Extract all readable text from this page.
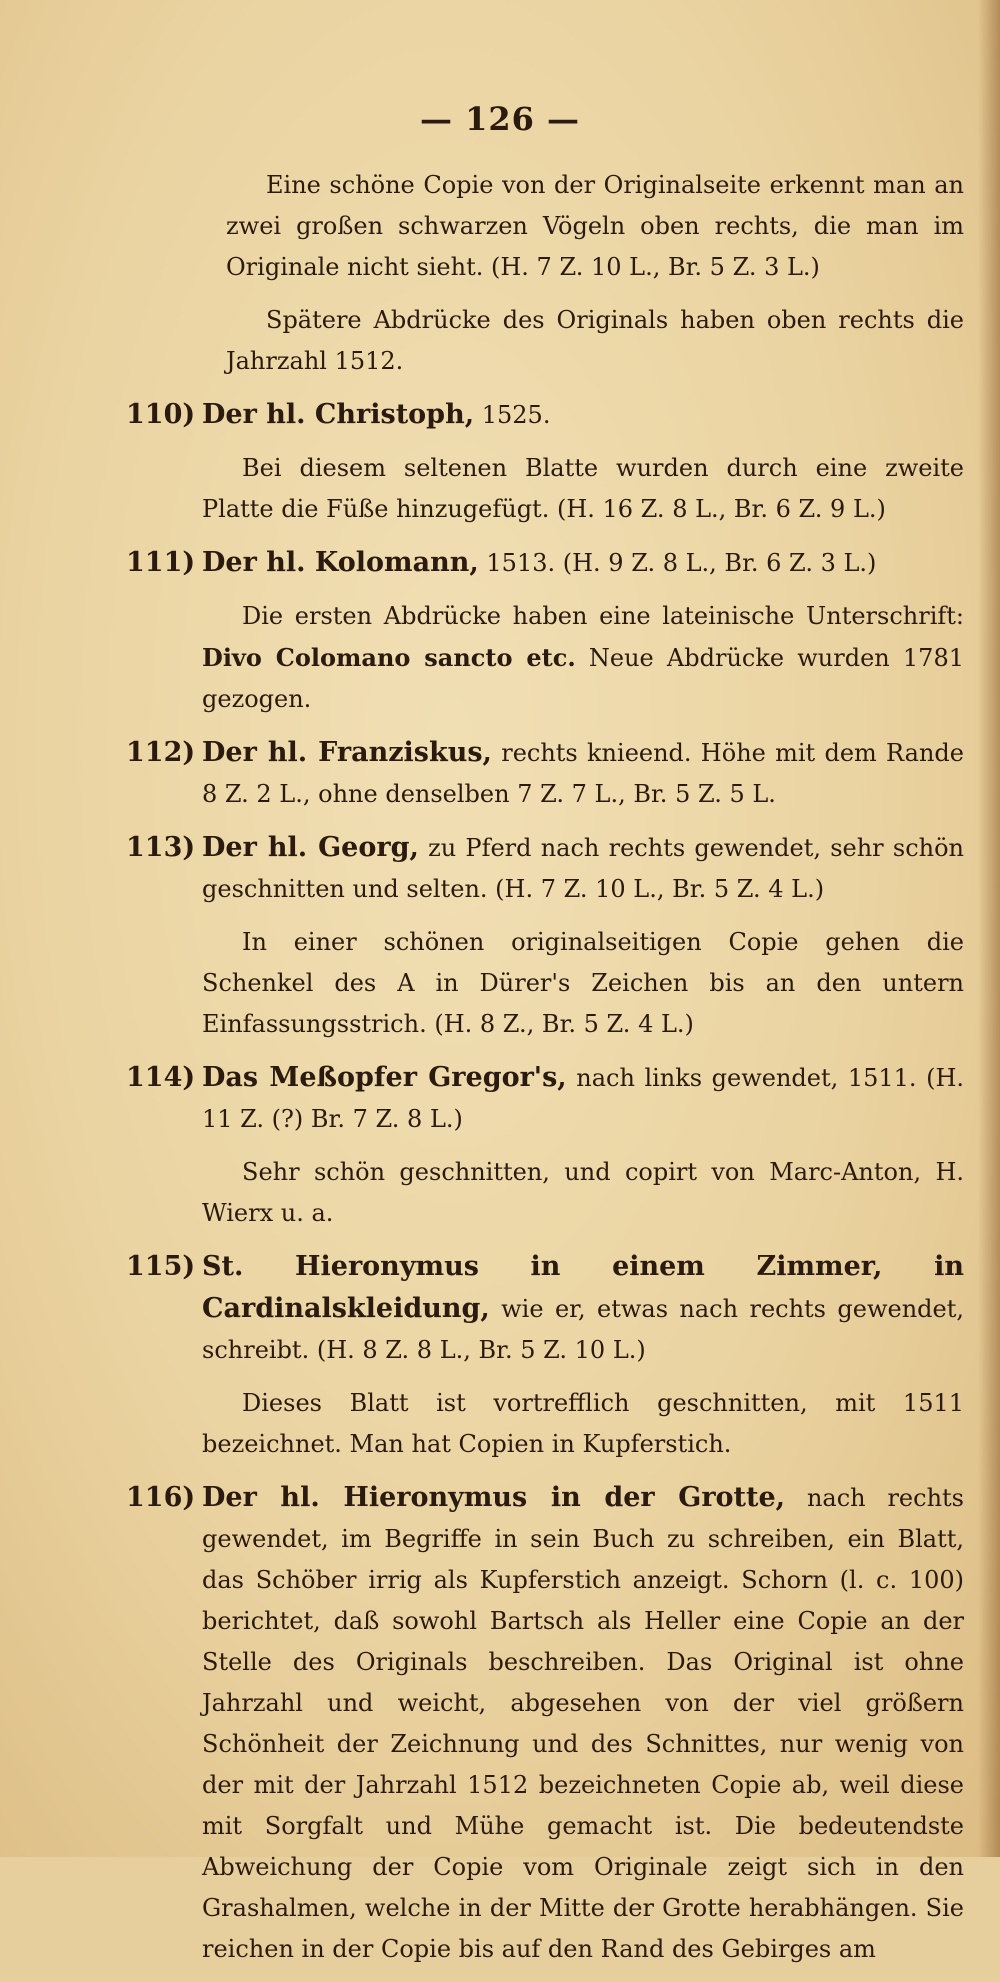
— 126 —

Eine schöne Copie von der Originalseite erkennt man an zwei großen schwarzen Vögeln oben rechts, die man im Originale nicht sieht. (H. 7 Z. 10 L., Br. 5 Z. 3 L.)

Spätere Abdrücke des Originals haben oben rechts die Jahrzahl 1512.

110) Der hl. Christoph, 1525.

Bei diesem seltenen Blatte wurden durch eine zweite Platte die Füße hinzugefügt. (H. 16 Z. 8 L., Br. 6 Z. 9 L.)

111) Der hl. Kolomann, 1513. (H. 9 Z. 8 L., Br. 6 Z. 3 L.)

Die ersten Abdrücke haben eine lateinische Unterschrift: Divo Colomano sancto etc. Neue Abdrücke wurden 1781 gezogen.

112) Der hl. Franziskus, rechts knieend. Höhe mit dem Rande 8 Z. 2 L., ohne denselben 7 Z. 7 L., Br. 5 Z. 5 L.
113) Der hl. Georg, zu Pferd nach rechts gewendet, sehr schön geschnitten und selten. (H. 7 Z. 10 L., Br. 5 Z. 4 L.)

In einer schönen originalseitigen Copie gehen die Schenkel des A in Dürer's Zeichen bis an den untern Einfassungsstrich. (H. 8 Z., Br. 5 Z. 4 L.)

114) Das Meßopfer Gregor's, nach links gewendet, 1511. (H. 11 Z. (?) Br. 7 Z. 8 L.)

Sehr schön geschnitten, und copirt von Marc-Anton, H. Wierx u. a.

115) St. Hieronymus in einem Zimmer, in Cardinalskleidung, wie er, etwas nach rechts gewendet, schreibt. (H. 8 Z. 8 L., Br. 5 Z. 10 L.)

Dieses Blatt ist vortrefflich geschnitten, mit 1511 bezeichnet. Man hat Copien in Kupferstich.

116) Der hl. Hieronymus in der Grotte, nach rechts gewendet, im Begriffe in sein Buch zu schreiben, ein Blatt, das Schöber irrig als Kupferstich anzeigt. Schorn (l. c. 100) berichtet, daß sowohl Bartsch als Heller eine Copie an der Stelle des Originals beschreiben. Das Original ist ohne Jahrzahl und weicht, abgesehen von der viel größern Schönheit der Zeichnung und des Schnittes, nur wenig von der mit der Jahrzahl 1512 bezeichneten Copie ab, weil diese mit Sorgfalt und Mühe gemacht ist. Die bedeutendste Abweichung der Copie vom Originale zeigt sich in den Grashalmen, welche in der Mitte der Grotte herabhängen. Sie reichen in der Copie bis auf den Rand des Gebirges am
